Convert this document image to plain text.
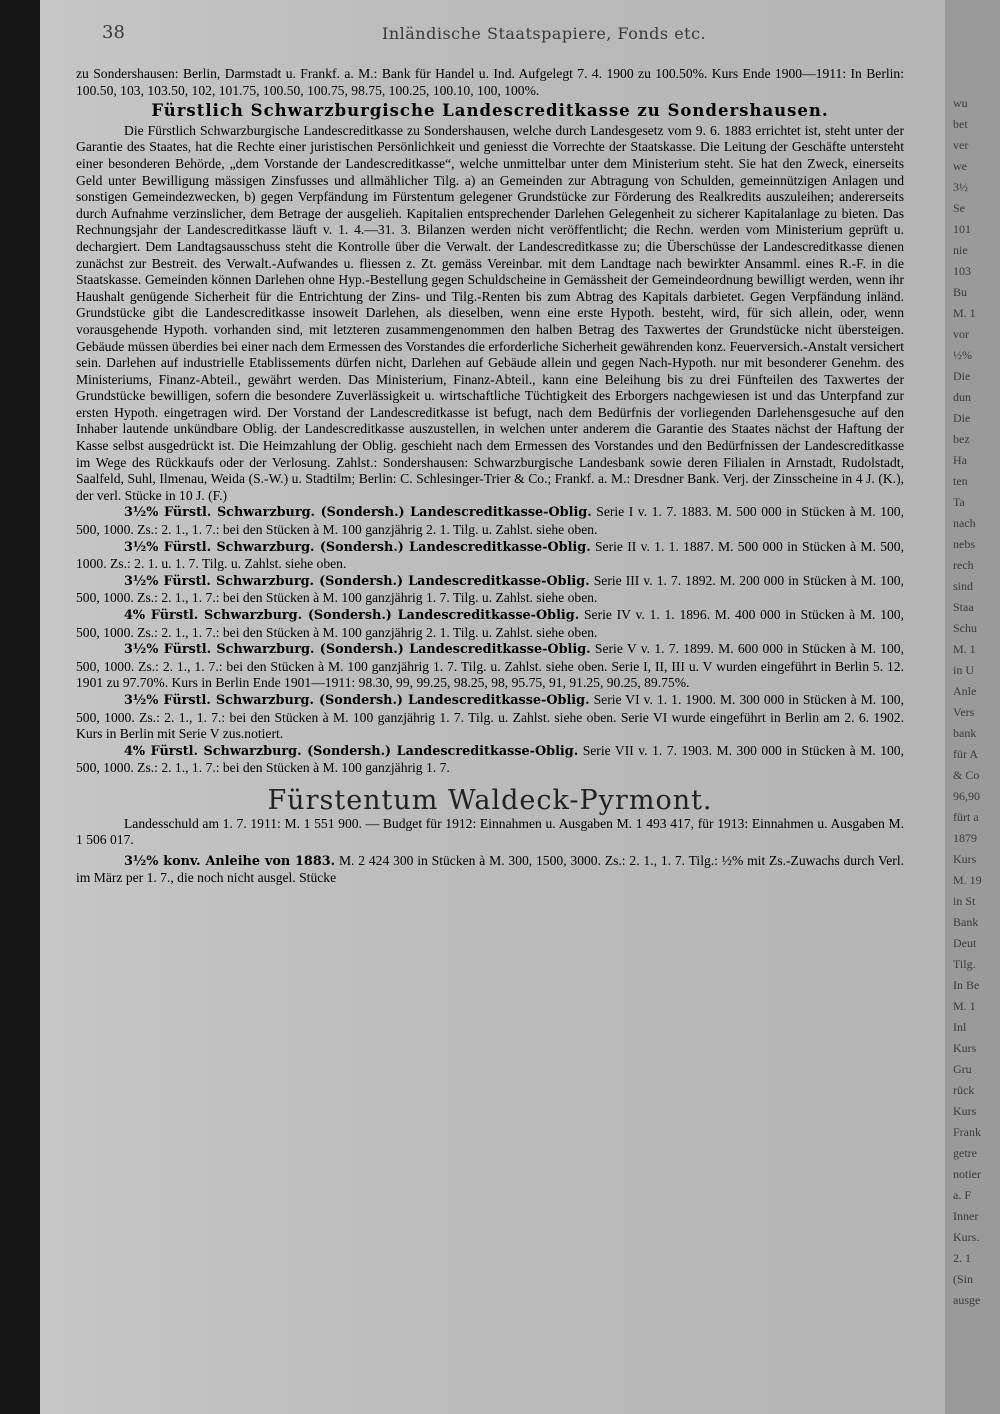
38	Inländische Staatspapiere, Fonds etc.

zu Sondershausen: Berlin, Darmstadt u. Frankf. a. M.: Bank für Handel u. Ind. Aufgelegt 7. 4. 1900 zu 100.50%. Kurs Ende 1900—1911: In Berlin: 100.50, 103, 103.50, 102, 101.75, 100.50, 100.75, 98.75, 100.25, 100.10, 100, 100%.

Fürstlich Schwarzburgische Landescreditkasse zu Sondershausen.

Die Fürstlich Schwarzburgische Landescreditkasse zu Sondershausen, welche durch Landesgesetz vom 9. 6. 1883 errichtet ist, steht unter der Garantie des Staates, hat die Rechte einer juristischen Persönlichkeit und geniesst die Vorrechte der Staatskasse. Die Leitung der Geschäfte untersteht einer besonderen Behörde, „dem Vorstande der Landescreditkasse“, welche unmittelbar unter dem Ministerium steht. Sie hat den Zweck, einerseits Geld unter Bewilligung mässigen Zinsfusses und allmählicher Tilg. a) an Gemeinden zur Abtragung von Schulden, gemeinnützigen Anlagen und sonstigen Gemeindezwecken, b) gegen Verpfändung im Fürstentum gelegener Grundstücke zur Förderung des Realkredits auszuleihen; andererseits durch Aufnahme verzinslicher, dem Betrage der ausgelieh. Kapitalien entsprechender Darlehen Gelegenheit zu sicherer Kapitalanlage zu bieten. Das Rechnungsjahr der Landescreditkasse läuft v. 1. 4.—31. 3. Bilanzen werden nicht veröffentlicht; die Rechn. werden vom Ministerium geprüft u. dechargiert. Dem Landtagsausschuss steht die Kontrolle über die Verwalt. der Landescreditkasse zu; die Überschüsse der Landescreditkasse dienen zunächst zur Bestreit. des Verwalt.-Aufwandes u. fliessen z. Zt. gemäss Vereinbar. mit dem Landtage nach bewirkter Ansamml. eines R.-F. in die Staatskasse. Gemeinden können Darlehen ohne Hyp.-Bestellung gegen Schuldscheine in Gemässheit der Gemeindeordnung bewilligt werden, wenn ihr Haushalt genügende Sicherheit für die Entrichtung der Zins- und Tilg.-Renten bis zum Abtrag des Kapitals darbietet. Gegen Verpfändung inländ. Grundstücke gibt die Landescreditkasse insoweit Darlehen, als dieselben, wenn eine erste Hypoth. besteht, wird, für sich allein, oder, wenn vorausgehende Hypoth. vorhanden sind, mit letzteren zusammengenommen den halben Betrag des Taxwertes der Grundstücke nicht übersteigen. Gebäude müssen überdies bei einer nach dem Ermessen des Vorstandes die erforderliche Sicherheit gewährenden konz. Feuerversich.-Anstalt versichert sein. Darlehen auf industrielle Etablissements dürfen nicht, Darlehen auf Gebäude allein und gegen Nach-Hypoth. nur mit besonderer Genehm. des Ministeriums, Finanz-Abteil., gewährt werden. Das Ministerium, Finanz-Abteil., kann eine Beleihung bis zu drei Fünfteilen des Taxwertes der Grundstücke bewilligen, sofern die besondere Zuverlässigkeit u. wirtschaftliche Tüchtigkeit des Erborgers nachgewiesen ist und das Unterpfand zur ersten Hypoth. eingetragen wird. Der Vorstand der Landescreditkasse ist befugt, nach dem Bedürfnis der vorliegenden Darlehensgesuche auf den Inhaber lautende unkündbare Oblig. der Landescreditkasse auszustellen, in welchen unter anderem die Garantie des Staates nächst der Haftung der Kasse selbst ausgedrückt ist. Die Heimzahlung der Oblig. geschieht nach dem Ermessen des Vorstandes und den Bedürfnissen der Landescreditkasse im Wege des Rückkaufs oder der Verlosung. Zahlst.: Sondershausen: Schwarzburgische Landesbank sowie deren Filialen in Arnstadt, Rudolstadt, Saalfeld, Suhl, Ilmenau, Weida (S.-W.) u. Stadtilm; Berlin: C. Schlesinger-Trier & Co.; Frankf. a. M.: Dresdner Bank. Verj. der Zinsscheine in 4 J. (K.), der verl. Stücke in 10 J. (F.)

3½% Fürstl. Schwarzburg. (Sondersh.) Landescreditkasse-Oblig. Serie I v. 1. 7. 1883. M. 500 000 in Stücken à M. 100, 500, 1000. Zs.: 2. 1., 1. 7.: bei den Stücken à M. 100 ganzjährig 2. 1. Tilg. u. Zahlst. siehe oben.

3½% Fürstl. Schwarzburg. (Sondersh.) Landescreditkasse-Oblig. Serie II v. 1. 1. 1887. M. 500 000 in Stücken à M. 500, 1000. Zs.: 2. 1. u. 1. 7. Tilg. u. Zahlst. siehe oben.

3½% Fürstl. Schwarzburg. (Sondersh.) Landescreditkasse-Oblig. Serie III v. 1. 7. 1892. M. 200 000 in Stücken à M. 100, 500, 1000. Zs.: 2. 1., 1. 7.: bei den Stücken à M. 100 ganzjährig 1. 7. Tilg. u. Zahlst. siehe oben.

4% Fürstl. Schwarzburg. (Sondersh.) Landescreditkasse-Oblig. Serie IV v. 1. 1. 1896. M. 400 000 in Stücken à M. 100, 500, 1000. Zs.: 2. 1., 1. 7.: bei den Stücken à M. 100 ganzjährig 2. 1. Tilg. u. Zahlst. siehe oben.

3½% Fürstl. Schwarzburg. (Sondersh.) Landescreditkasse-Oblig. Serie V v. 1. 7. 1899. M. 600 000 in Stücken à M. 100, 500, 1000. Zs.: 2. 1., 1. 7.: bei den Stücken à M. 100 ganzjährig 1. 7. Tilg. u. Zahlst. siehe oben. Serie I, II, III u. V wurden eingeführt in Berlin 5. 12. 1901 zu 97.70%. Kurs in Berlin Ende 1901—1911: 98.30, 99, 99.25, 98.25, 98, 95.75, 91, 91.25, 90.25, 89.75%.

3½% Fürstl. Schwarzburg. (Sondersh.) Landescreditkasse-Oblig. Serie VI v. 1. 1. 1900. M. 300 000 in Stücken à M. 100, 500, 1000. Zs.: 2. 1., 1. 7.: bei den Stücken à M. 100 ganzjährig 1. 7. Tilg. u. Zahlst. siehe oben. Serie VI wurde eingeführt in Berlin am 2. 6. 1902. Kurs in Berlin mit Serie V zus.notiert.

4% Fürstl. Schwarzburg. (Sondersh.) Landescreditkasse-Oblig. Serie VII v. 1. 7. 1903. M. 300 000 in Stücken à M. 100, 500, 1000. Zs.: 2. 1., 1. 7.: bei den Stücken à M. 100 ganzjährig 1. 7.

Fürstentum Waldeck-Pyrmont.

Landesschuld am 1. 7. 1911: M. 1 551 900. — Budget für 1912: Einnahmen u. Ausgaben M. 1 493 417, für 1913: Einnahmen u. Ausgaben M. 1 506 017.

3½% konv. Anleihe von 1883. M. 2 424 300 in Stücken à M. 300, 1500, 3000. Zs.: 2. 1., 1. 7. Tilg.: ½% mit Zs.-Zuwachs durch Verl. im März per 1. 7., die noch nicht ausgel. Stücke

wu
bet
ver
we
3½
Se
101
nie
103
Bu
M. 1
vor
½%
Die
dun
Die
bez
Ha
ten
Ta
nach
nebs
rech
sind
Staa
Schu
M. 1
in U
Anle
Vers
bank
für A
& Co
96,90
fürt a
1879
Kurs
M. 19
in St
Bank
Deut
Tilg.
In Be
M. 1
Inl
Kurs
Gru
rück
Kurs
Frank
getre
notier
a. F
Inner
Kurs.
2. 1
(Sin
ausge
